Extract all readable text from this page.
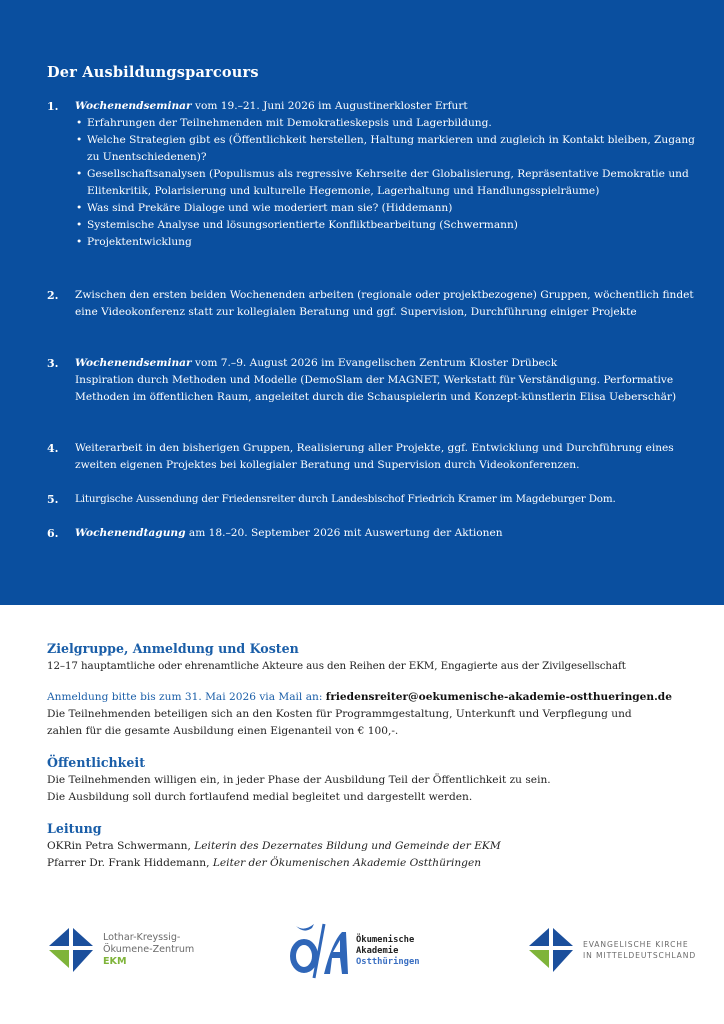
Der Ausbildungsparcours
1.	Wochenendseminar vom 19.–21. Juni 2026 im Augustinerkloster Erfurt
• Erfahrungen der Teilnehmenden mit Demokratieskepsis und Lagerbildung.
• Welche Strategien gibt es (Öffentlichkeit herstellen, Haltung markieren und zugleich in Kontakt bleiben, Zugang zu Unentschiedenen)?
• Gesellschaftsanalysen (Populismus als regressive Kehrseite der Globalisierung, Repräsentative Demokratie und Elitenkritik, Polarisierung und kulturelle Hegemonie, Lagerhaltung und Handlungsspielräume)
• Was sind Prekäre Dialoge und wie moderiert man sie? (Hiddemann)
• Systemische Analyse und lösungsorientierte Konfliktbearbeitung (Schwermann)
• Projektentwicklung
2.	Zwischen den ersten beiden Wochenenden arbeiten (regionale oder projektbezogene) Gruppen, wöchentlich findet eine Videokonferenz statt zur kollegialen Beratung und ggf. Supervision, Durchführung einiger Projekte
3.	Wochenendseminar vom 7.–9. August 2026 im Evangelischen Zentrum Kloster Drübeck
Inspiration durch Methoden und Modelle (DemoSlam der MAGNET, Werkstatt für Verständigung. Performative Methoden im öffentlichen Raum, angeleitet durch die Schauspielerin und Konzept-künstlerin Elisa Ueberschär)
4.	Weiterarbeit in den bisherigen Gruppen, Realisierung aller Projekte, ggf. Entwicklung und Durchführung eines zweiten eigenen Projektes bei kollegialer Beratung und Supervision durch Videokonferenzen.
5.	Liturgische Aussendung der Friedensreiter durch Landesbischof Friedrich Kramer im Magdeburger Dom.
6.	Wochenendtagung am 18.–20. September 2026 mit Auswertung der Aktionen
Zielgruppe, Anmeldung und Kosten
12–17 hauptamtliche oder ehrenamtliche Akteure aus den Reihen der EKM, Engagierte aus der Zivilgesellschaft
Anmeldung bitte bis zum 31. Mai 2026 via Mail an: friedensreiter@oekumenische-akademie-ostthueringen.de
Die Teilnehmenden beteiligen sich an den Kosten für Programmgestaltung, Unterkunft und Verpflegung und
zahlen für die gesamte Ausbildung einen Eigenanteil von € 100,-.
Öffentlichkeit
Die Teilnehmenden willigen ein, in jeder Phase der Ausbildung Teil der Öffentlichkeit zu sein.
Die Ausbildung soll durch fortlaufend medial begleitet und dargestellt werden.
Leitung
OKRin Petra Schwermann, Leiterin des Dezernates Bildung und Gemeinde der EKM
Pfarrer Dr. Frank Hiddemann, Leiter der Ökumenischen Akademie Ostthüringen
Lothar-Kreyssig-
Ökumene-Zentrum
EKM
Ökumenische
Akademie
Ostthüringen
EVANGELISCHE KIRCHE
IN MITTELDEUTSCHLAND
